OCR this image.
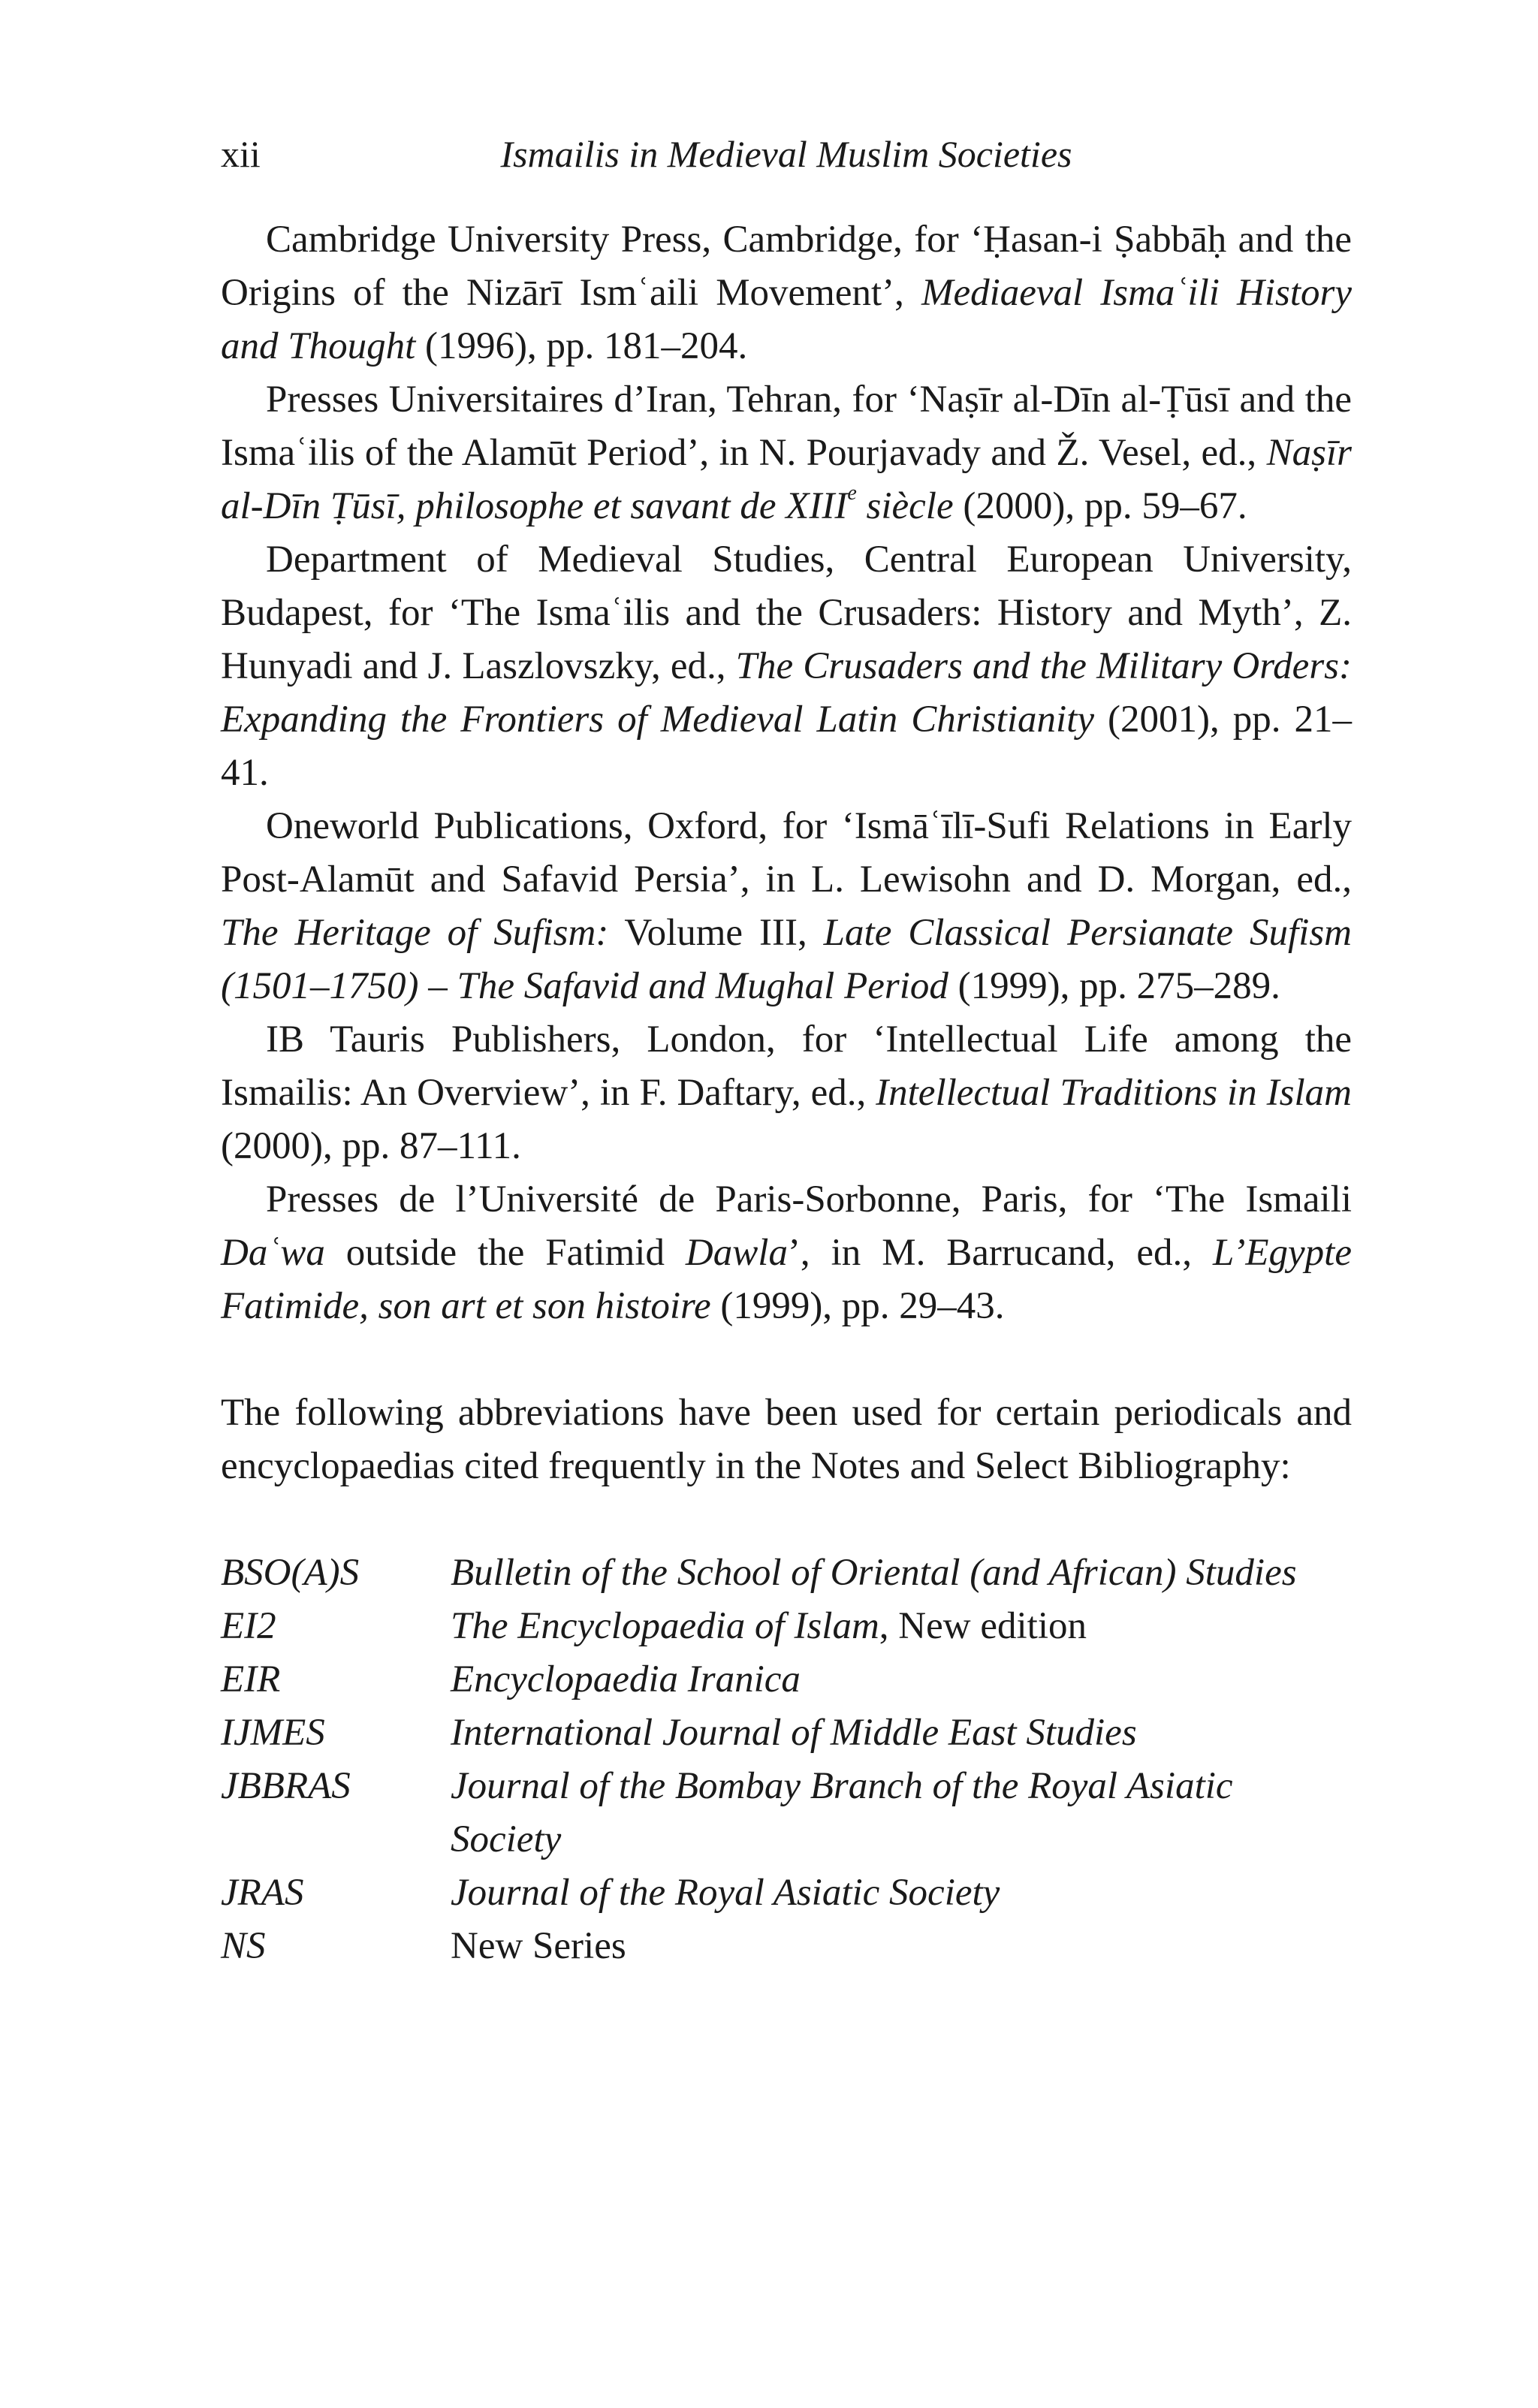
xii	Ismailis in Medieval Muslim Societies

Cambridge University Press, Cambridge, for ‘Ḥasan-i Ṣabbāḥ and the Origins of the Nizārī Ismʿaili Movement’, Mediaeval Ismaʿili History and Thought (1996), pp. 181–204.

Presses Universitaires d’Iran, Tehran, for ‘Naṣīr al-Dīn al-Ṭūsī and the Ismaʿilis of the Alamūt Period’, in N. Pourjavady and Ž. Vesel, ed., Naṣīr al-Dīn Ṭūsī, philosophe et savant de XIIIe siècle (2000), pp. 59–67.

Department of Medieval Studies, Central European University, Budapest, for ‘The Ismaʿilis and the Crusaders: History and Myth’, Z. Hunyadi and J. Laszlovszky, ed., The Crusaders and the Military Orders: Expanding the Frontiers of Medieval Latin Christianity (2001), pp. 21–41.

Oneworld Publications, Oxford, for ‘Ismāʿīlī-Sufi Relations in Early Post-Alamūt and Safavid Persia’, in L. Lewisohn and D. Morgan, ed., The Heritage of Sufism: Volume III, Late Classical Persianate Sufism (1501–1750) – The Safavid and Mughal Period (1999), pp. 275–289.

IB Tauris Publishers, London, for ‘Intellectual Life among the Ismailis: An Overview’, in F. Daftary, ed., Intellectual Traditions in Islam (2000), pp. 87–111.

Presses de l’Université de Paris-Sorbonne, Paris, for ‘The Ismaili Daʿwa outside the Fatimid Dawla’, in M. Barrucand, ed., L’Egypte Fatimide, son art et son histoire (1999), pp. 29–43.

The following abbreviations have been used for certain periodicals and encyclopaedias cited frequently in the Notes and Select Bibliography:

BSO(A)S	Bulletin of the School of Oriental (and African) Studies
EI2	The Encyclopaedia of Islam, New edition
EIR	Encyclopaedia Iranica
IJMES	International Journal of Middle East Studies
JBBRAS	Journal of the Bombay Branch of the Royal Asiatic Society
JRAS	Journal of the Royal Asiatic Society
NS	New Series
